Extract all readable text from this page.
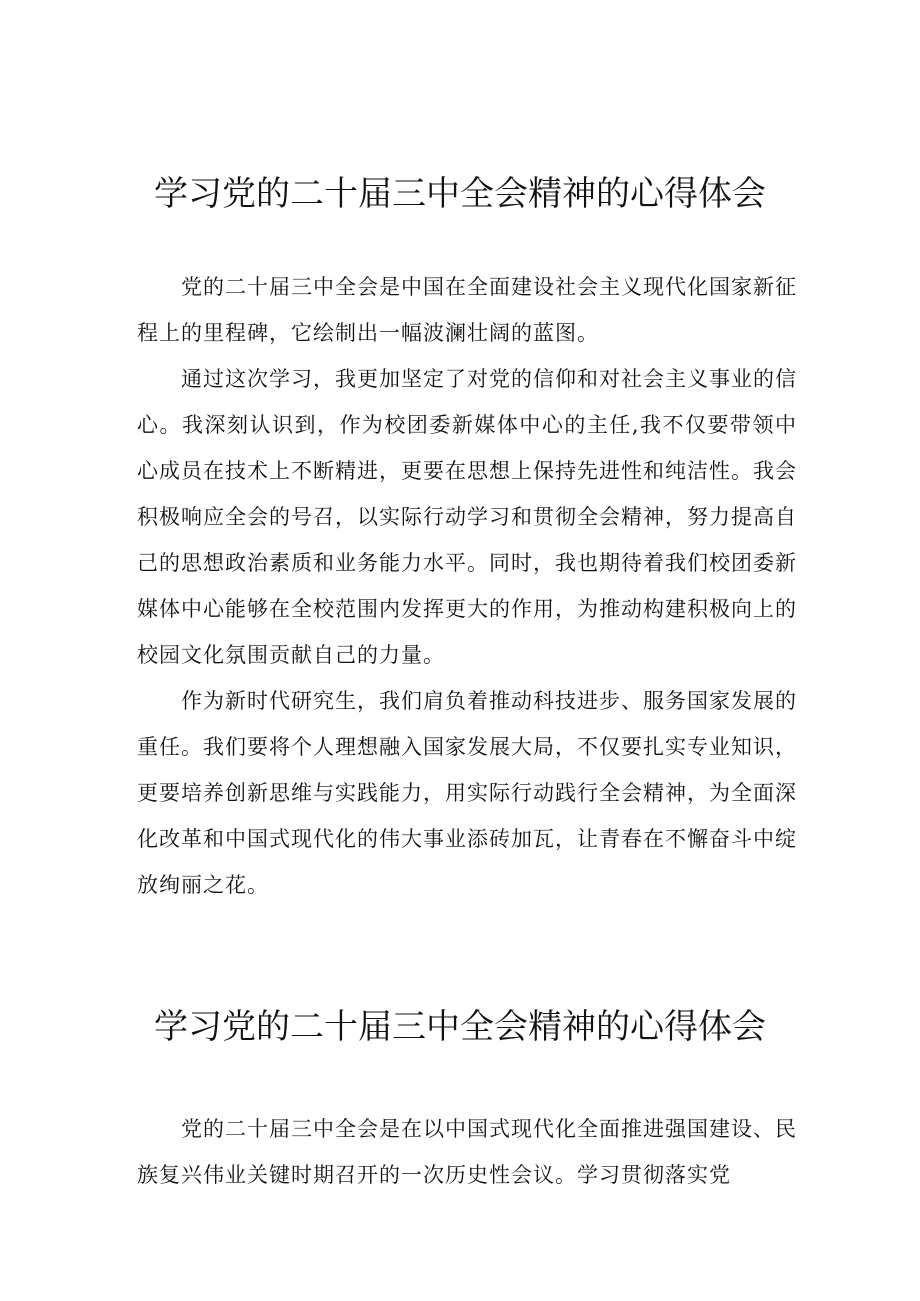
学习党的二十届三中全会精神的心得体会

党的二十届三中全会是中国在全面建设社会主义现代化国家新征程上的里程碑，它绘制出一幅波澜壮阔的蓝图。

通过这次学习，我更加坚定了对党的信仰和对社会主义事业的信心。我深刻认识到，作为校团委新媒体中心的主任,我不仅要带领中心成员在技术上不断精进，更要在思想上保持先进性和纯洁性。我会积极响应全会的号召，以实际行动学习和贯彻全会精神，努力提高自己的思想政治素质和业务能力水平。同时，我也期待着我们校团委新媒体中心能够在全校范围内发挥更大的作用，为推动构建积极向上的校园文化氛围贡献自己的力量。

作为新时代研究生，我们肩负着推动科技进步、服务国家发展的重任。我们要将个人理想融入国家发展大局，不仅要扎实专业知识，更要培养创新思维与实践能力，用实际行动践行全会精神，为全面深化改革和中国式现代化的伟大事业添砖加瓦，让青春在不懈奋斗中绽放绚丽之花。

学习党的二十届三中全会精神的心得体会

党的二十届三中全会是在以中国式现代化全面推进强国建设、民族复兴伟业关键时期召开的一次历史性会议。学习贯彻落实党
